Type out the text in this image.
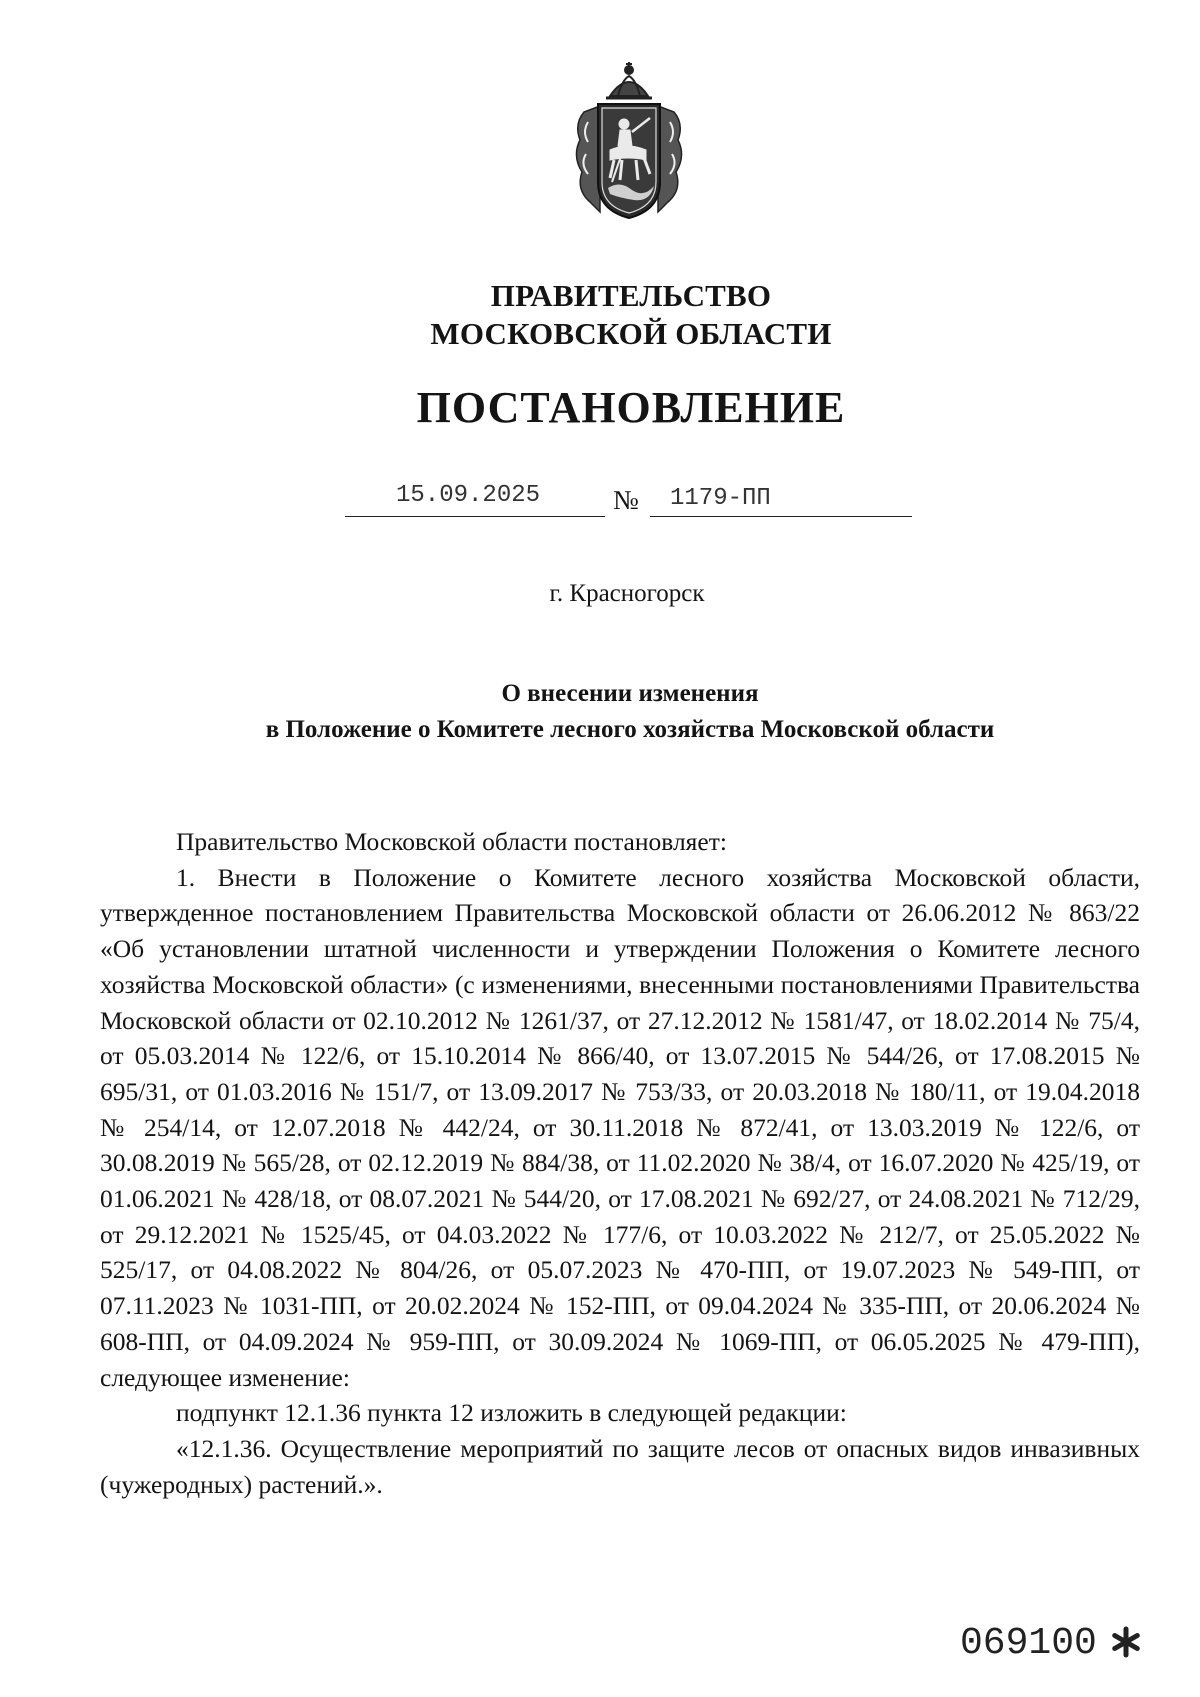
ПРАВИТЕЛЬСТВО
МОСКОВСКОЙ ОБЛАСТИ
ПОСТАНОВЛЕНИЕ
15.09.2025	№ 1179-ПП
г. Красногорск
О внесении изменения
в Положение о Комитете лесного хозяйства Московской области

Правительство Московской области постановляет:

1. Внести в Положение о Комитете лесного хозяйства Московской области, утвержденное постановлением Правительства Московской области от 26.06.2012 № 863/22 «Об установлении штатной численности и утверждении Положения о Комитете лесного хозяйства Московской области» (с изменениями, внесенными постановлениями Правительства Московской области от 02.10.2012 № 1261/37, от 27.12.2012 № 1581/47, от 18.02.2014 № 75/4, от 05.03.2014 № 122/6, от 15.10.2014 № 866/40, от 13.07.2015 № 544/26, от 17.08.2015 № 695/31, от 01.03.2016 № 151/7, от 13.09.2017 № 753/33, от 20.03.2018 № 180/11, от 19.04.2018 № 254/14, от 12.07.2018 № 442/24, от 30.11.2018 № 872/41, от 13.03.2019 № 122/6, от 30.08.2019 № 565/28, от 02.12.2019 № 884/38, от 11.02.2020 № 38/4, от 16.07.2020 № 425/19, от 01.06.2021 № 428/18, от 08.07.2021 № 544/20, от 17.08.2021 № 692/27, от 24.08.2021 № 712/29, от 29.12.2021 № 1525/45, от 04.03.2022 № 177/6, от 10.03.2022 № 212/7, от 25.05.2022 № 525/17, от 04.08.2022 № 804/26, от 05.07.2023 № 470-ПП, от 19.07.2023 № 549-ПП, от 07.11.2023 № 1031-ПП, от 20.02.2024 № 152-ПП, от 09.04.2024 № 335-ПП, от 20.06.2024 № 608-ПП, от 04.09.2024 № 959-ПП, от 30.09.2024 № 1069-ПП, от 06.05.2025 № 479-ПП), следующее изменение:

подпункт 12.1.36 пункта 12 изложить в следующей редакции:

«12.1.36. Осуществление мероприятий по защите лесов от опасных видов инвазивных (чужеродных) растений.».

069100
